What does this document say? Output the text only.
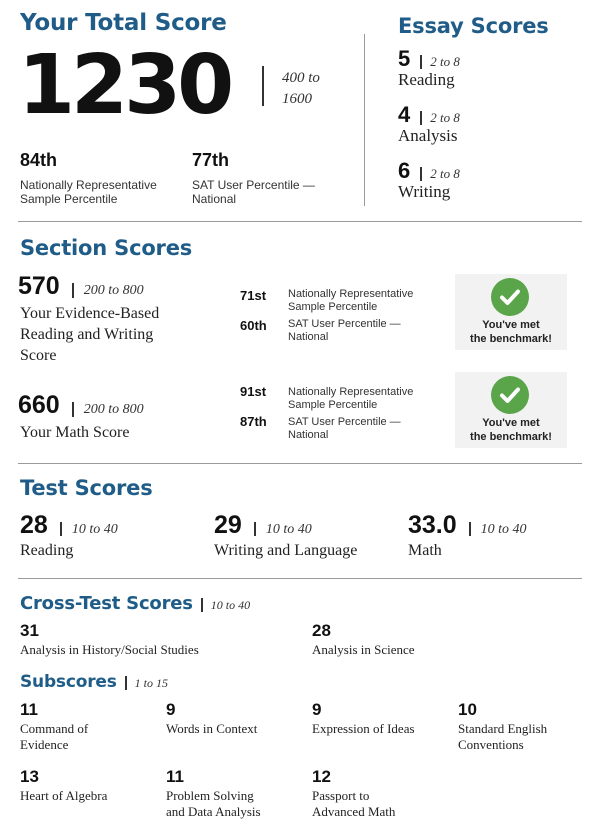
Your Total Score
1230	400 to
1600
84th
Nationally Representative
Sample Percentile
77th
SAT User Percentile —
National
Essay Scores
5 2 to 8
Reading
4 2 to 8
Analysis
6 2 to 8
Writing
Section Scores
570 200 to 800
Your Evidence-Based
Reading and Writing
Score
71st Nationally Representative
Sample Percentile
60th SAT User Percentile —
National
You've met
the benchmark!
660 200 to 800
Your Math Score
91st Nationally Representative
Sample Percentile
87th SAT User Percentile —
National
You've met
the benchmark!
Test Scores
28 10 to 40
Reading
29 10 to 40
Writing and Language
33.0 10 to 40
Math
Cross-Test Scores 10 to 40
31
Analysis in History/Social Studies
28
Analysis in Science
Subscores 1 to 15
11
Command of
Evidence
9
Words in Context
9
Expression of Ideas
10
Standard English
Conventions
13
Heart of Algebra
11
Problem Solving
and Data Analysis
12
Passport to
Advanced Math
